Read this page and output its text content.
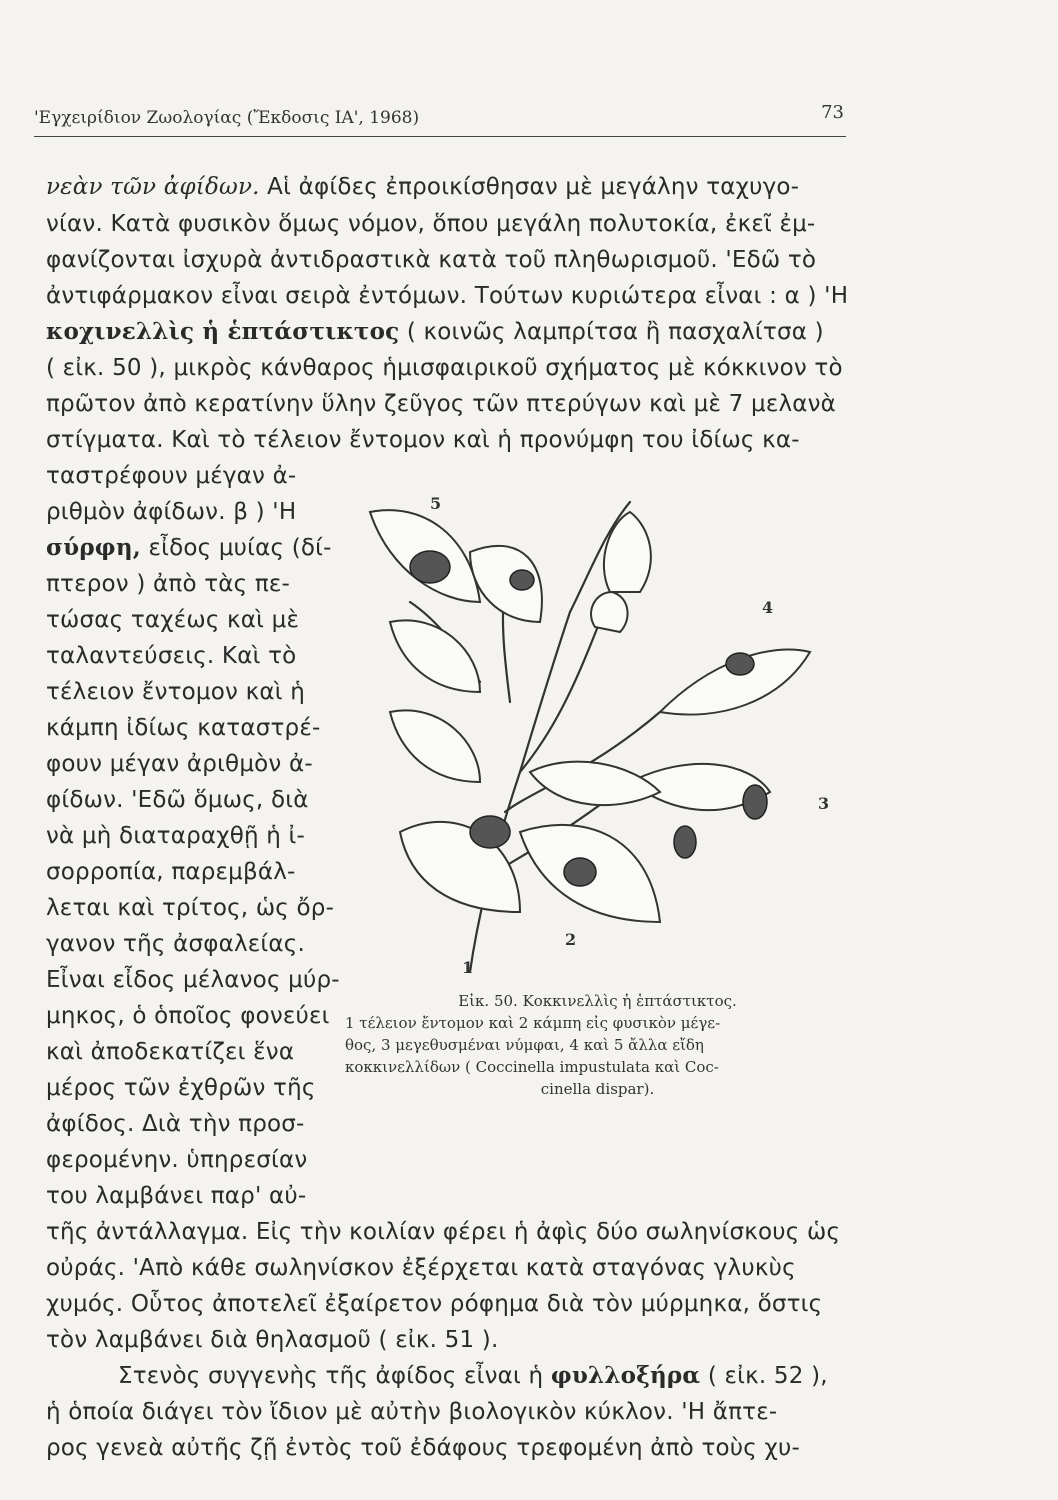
'Εγχειρίδιον Ζωολογίας (Ἔκδοσις ΙΑ', 1968)	73
νεὰν τῶν ἀφίδων. Αἱ ἀφίδες ἐπροικίσθησαν μὲ μεγάλην ταχυγο-
νίαν. Κατὰ φυσικὸν ὅμως νόμον, ὅπου μεγάλη πολυτοκία, ἐκεῖ ἐμ-
φανίζονται ἰσχυρὰ ἀντιδραστικὰ κατὰ τοῦ πληθωρισμοῦ. 'Εδῶ τὸ
ἀντιφάρμακον εἶναι σειρὰ ἐντόμων. Τούτων κυριώτερα εἶναι : α ) 'Η
κοχινελλὶς ἡ ἑπτάστικτος ( κοινῶς λαμπρίτσα ἢ πασχαλίτσα )
( εἰκ. 50 ), μικρὸς κάνθαρος ἡμισφαιρικοῦ σχήματος μὲ κόκκινον τὸ
πρῶτον ἀπὸ κερατίνην ὕλην ζεῦγος τῶν πτερύγων καὶ μὲ 7 μελανὰ
στίγματα. Καὶ τὸ τέλειον ἔντομον καὶ ἡ προνύμφη του ἰδίως κα-
ταστρέφουν μέγαν ἀ-
ριθμὸν ἀφίδων. β ) 'Η
σύρφη, εἶδος μυίας (δί-
πτερον ) ἀπὸ τὰς πε-
τώσας ταχέως καὶ μὲ
ταλαντεύσεις. Καὶ τὸ
τέλειον ἔντομον καὶ ἡ
κάμπη ἰδίως καταστρέ-
φουν μέγαν ἀριθμὸν ἀ-
φίδων. 'Εδῶ ὅμως, διὰ
νὰ μὴ διαταραχθῇ ἡ ἰ-
σορροπία, παρεμβάλ-
λεται καὶ τρίτος, ὡς ὄρ-
γανον τῆς ἀσφαλείας.
Εἶναι εἶδος μέλανος μύρ-
μηκος, ὁ ὁποῖος φονεύει
καὶ ἀποδεκατίζει ἕνα
μέρος τῶν ἐχθρῶν τῆς
ἀφίδος. Διὰ τὴν προσ-
φερομένην. ὑπηρεσίαν
του λαμβάνει παρ' αὐ-
τῆς ἀντάλλαγμα. Εἰς τὴν κοιλίαν φέρει ἡ ἀφὶς δύο σωληνίσκους ὡς
οὐράς. 'Απὸ κάθε σωληνίσκον ἐξέρχεται κατὰ σταγόνας γλυκὺς
χυμός. Οὗτος ἀποτελεῖ ἐξαίρετον ρόφημα διὰ τὸν μύρμηκα, ὅστις
τὸν λαμβάνει διὰ θηλασμοῦ ( εἰκ. 51 ).
Στενὸς συγγενὴς τῆς ἀφίδος εἶναι ἡ φυλλοξήρα ( εἰκ. 52 ),
ἡ ὁποία διάγει τὸν ἴδιον μὲ αὐτὴν βιολογικὸν κύκλον. 'Η ἄπτε-
ρος γενεὰ αὐτῆς ζῇ ἐντὸς τοῦ ἐδάφους τρεφομένη ἀπὸ τοὺς χυ-
5
4
3
2
1
Εἰκ. 50. Κοκκινελλὶς ἡ ἑπτάστικτος.
1 τέλειον ἔντομον καὶ 2 κάμπη εἰς φυσικὸν μέγε-
θος, 3 μεγεθυσμέναι νύμφαι, 4 καὶ 5 ἄλλα εἴδη
κοκκινελλίδων ( Coccinella impustulata καὶ Coc-
cinella dispar).
